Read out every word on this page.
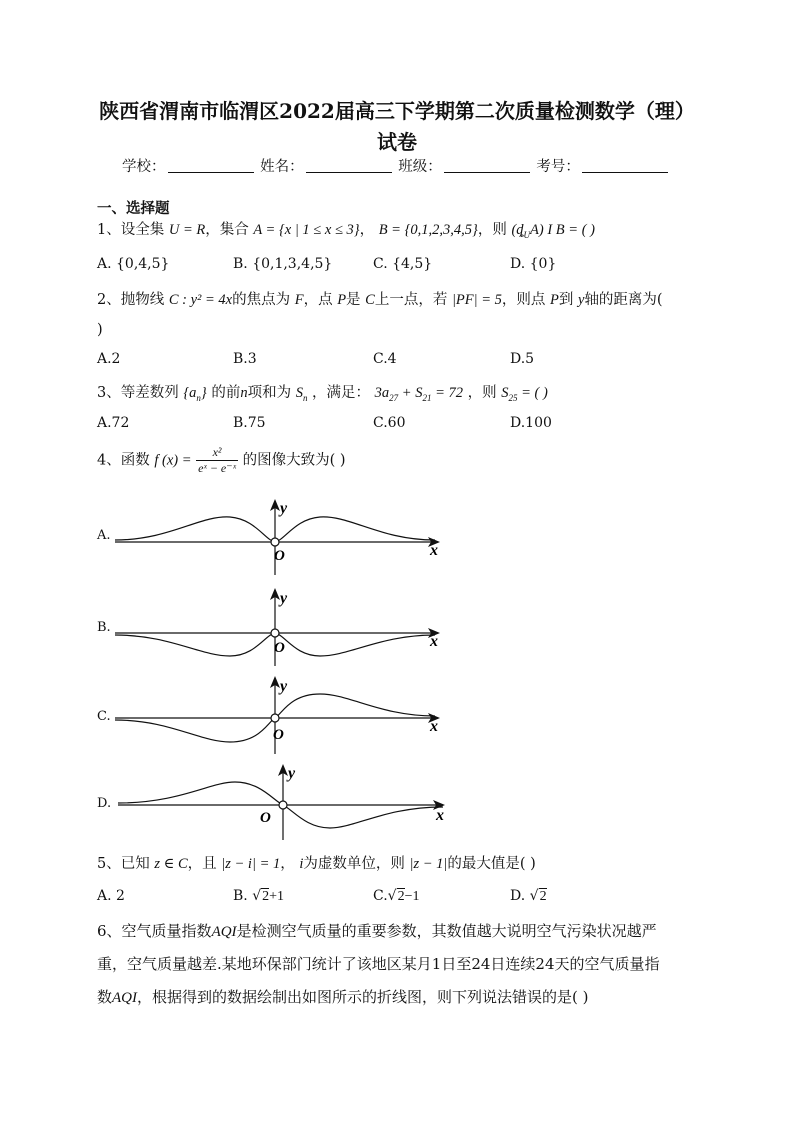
陕西省渭南市临渭区2022届高三下学期第二次质量检测数学（理）
试卷
学校：	姓名：	班级：	考号：
一、选择题
1、设全集 U = R，集合 A = {x | 1 ≤ x ≤ 3}， B = {0,1,2,3,4,5}，则 $(ȡ_UA)$ I B = ( )
A. {0,4,5}	B. {0,1,3,4,5}	C. {4,5}	D. {0}
2、抛物线 C : y² = 4x的焦点为 F，点 P是 C上一点，若 |PF| = 5，则点 P到 y轴的距离为(
)
A.2	B.3	C.4	D.5
3、等差数列 $\{a_n\}$ 的前n项和为 $S_n$ ，满足： $3a_{27} + S_{21} = 72$ ，则 $S_{25}$ = ( )
A.72	B.75	C.60	D.100
4、函数 f $(x) = \frac{\text{x²}}{\text{eˣ − e⁻ˣ}}$ 的图像大致为( )
A.
y
x
O
B.
y
x
O
C.
y
x
O
D.
y
x
O
5、已知 z ∈ C，且 |z − i| = 1， i为虚数单位，则 |z − 1|的最大值是( )
A. 2	B. √2+1	C.√2−1	D. √2
6、空气质量指数AQI是检测空气质量的重要参数，其数值越大说明空气污染状况越严
重，空气质量越差.某地环保部门统计了该地区某月1日至24日连续24天的空气质量指
数AQI，根据得到的数据绘制出如图所示的折线图，则下列说法错误的是( )
